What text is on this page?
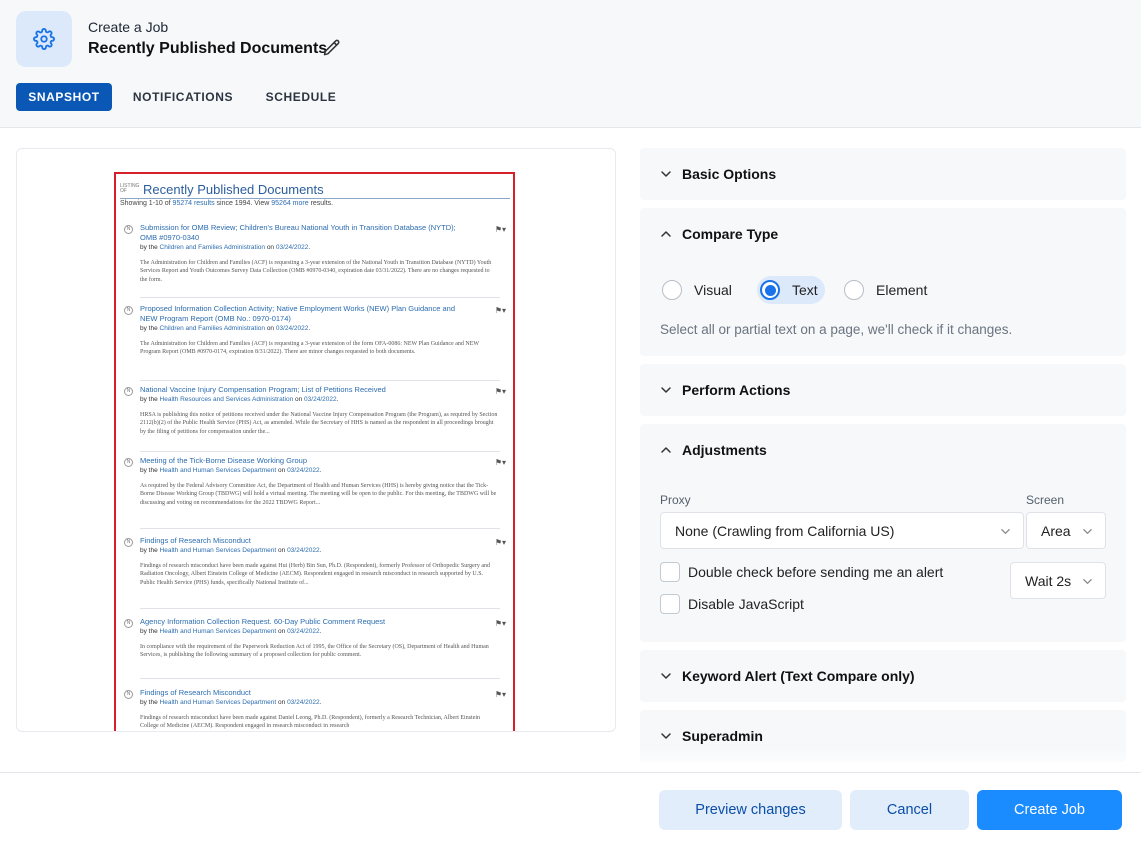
Create a Job
Recently Published Documents
SNAPSHOT	NOTIFICATIONS	SCHEDULE
LISTING OF	Recently Published Documents
Showing 1-10 of 95274 results since 1994. View 95264 more results.
N	Submission for OMB Review; Children's Bureau National Youth in Transition Database (NYTD); OMB #0970-0340
by the Children and Families Administration on 03/24/2022.
The Administration for Children and Families (ACF) is requesting a 3-year extension of the National Youth in Transition Database (NYTD) Youth Services Report and Youth Outcomes Survey Data Collection (OMB #0970-0340, expiration date 03/31/2022). There are no changes requested to the form.
⚑▾
N	Proposed Information Collection Activity; Native Employment Works (NEW) Plan Guidance and NEW Program Report (OMB No.: 0970-0174)
by the Children and Families Administration on 03/24/2022.
The Administration for Children and Families (ACF) is requesting a 3-year extension of the form OFA-0086: NEW Plan Guidance and NEW Program Report (OMB #0970-0174, expiration 8/31/2022). There are minor changes requested to both documents.
⚑▾
N	National Vaccine Injury Compensation Program; List of Petitions Received
by the Health Resources and Services Administration on 03/24/2022.
HRSA is publishing this notice of petitions received under the National Vaccine Injury Compensation Program (the Program), as required by Section 2112(b)(2) of the Public Health Service (PHS) Act, as amended. While the Secretary of HHS is named as the respondent in all proceedings brought by the filing of petitions for compensation under the...
⚑▾
N	Meeting of the Tick-Borne Disease Working Group
by the Health and Human Services Department on 03/24/2022.
As required by the Federal Advisory Committee Act, the Department of Health and Human Services (HHS) is hereby giving notice that the Tick-Borne Disease Working Group (TBDWG) will hold a virtual meeting. The meeting will be open to the public. For this meeting, the TBDWG will be discussing and voting on recommendations for the 2022 TBDWG Report...
⚑▾
N	Findings of Research Misconduct
by the Health and Human Services Department on 03/24/2022.
Findings of research misconduct have been made against Hui (Herb) Bin Sun, Ph.D. (Respondent), formerly Professor of Orthopedic Surgery and Radiation Oncology, Albert Einstein College of Medicine (AECM). Respondent engaged in research misconduct in research supported by U.S. Public Health Service (PHS) funds, specifically National Institute of...
⚑▾
N	Agency Information Collection Request. 60-Day Public Comment Request
by the Health and Human Services Department on 03/24/2022.
In compliance with the requirement of the Paperwork Reduction Act of 1995, the Office of the Secretary (OS), Department of Health and Human Services, is publishing the following summary of a proposed collection for public comment.
⚑▾
N	Findings of Research Misconduct
by the Health and Human Services Department on 03/24/2022.
Findings of research misconduct have been made against Daniel Leong, Ph.D. (Respondent), formerly a Research Technician, Albert Einstein College of Medicine (AECM). Respondent engaged in research misconduct in research
⚑▾
Basic Options
Compare Type
Visual	Text	Element
Select all or partial text on a page, we'll check if it changes.
Perform Actions
Adjustments
Proxy	Screen
None (Crawling from California US)	Area
Double check before sending me an alert
Disable JavaScript
Wait 2s
Keyword Alert (Text Compare only)
Superadmin
Preview changes	Cancel	Create Job
